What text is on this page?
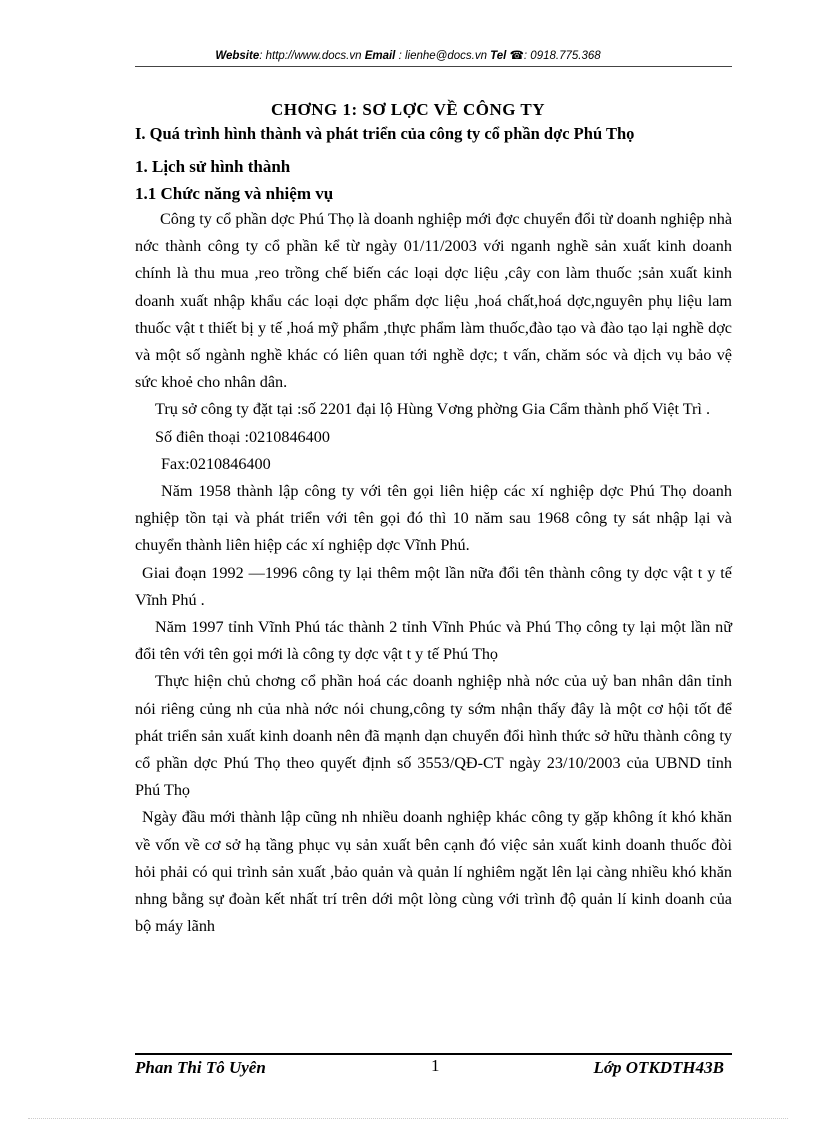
Website: http://www.docs.vn Email : lienhe@docs.vn Tel ☎: 0918.775.368
CHƠNG 1: SƠ LỢC VỀ CÔNG TY
I. Quá trình hình thành và phát triển của công ty cổ phần dợc Phú Thọ
1. Lịch sử hình thành
1.1 Chức năng và nhiệm vụ

Công ty cổ phần dợc Phú Thọ là doanh nghiệp mới đợc chuyển đổi từ doanh nghiệp nhà nớc thành công ty cổ phần kể từ ngày 01/11/2003 với nganh nghề sản xuất kinh doanh chính là thu mua ,reo trồng chế biến các loại dợc liệu ,cây con làm thuốc ;sản xuất kinh doanh xuất nhập khẩu các loại dợc phẩm dợc liệu ,hoá chất,hoá dợc,nguyên phụ liệu lam thuốc vật t thiết bị y tế ,hoá mỹ phẩm ,thực phẩm làm thuốc,đào tạo và đào tạo lại nghề dợc và một số ngành nghề khác có liên quan tới nghề dợc; t vấn, chăm sóc và dịch vụ bảo vệ sức khoẻ cho nhân dân.

Trụ sở công ty đặt tại :số 2201 đại lộ Hùng Vơng phờng Gia Cẩm thành phố Việt Trì .

Số điên thoại :0210846400

Fax:0210846400

Năm 1958 thành lập công ty với tên gọi liên hiệp các xí nghiệp dợc Phú Thọ doanh nghiệp tồn tại và phát triển với tên gọi đó thì 10 năm sau 1968 công ty sát nhập lại và chuyển thành liên hiệp các xí nghiệp dợc Vĩnh Phú.

Giai đoạn 1992 —1996 công ty lại thêm một lần nữa đổi tên thành công ty dợc vật t y tế Vĩnh Phú .

Năm 1997 tỉnh Vĩnh Phú tác thành 2 tỉnh Vĩnh Phúc và Phú Thọ công ty lại một lần nữ đổi tên với tên gọi mới là công ty dợc vật t y tế Phú Thọ

Thực hiện chủ chơng cổ phần hoá các doanh nghiệp nhà nớc của uỷ ban nhân dân tỉnh nói riêng củng nh của nhà nớc nói chung,công ty sớm nhận thấy đây là một cơ hội tốt để phát triển sản xuất kinh doanh nên đã mạnh dạn chuyển đổi hình thức sở hữu thành công ty cổ phần dợc Phú Thọ theo quyết định số 3553/QĐ-CT ngày 23/10/2003 của UBND tỉnh Phú Thọ

Ngày đầu mới thành lập cũng nh nhiều doanh nghiệp khác công ty gặp không ít khó khăn về vốn về cơ sở hạ tầng phục vụ sản xuất bên cạnh đó việc sản xuất kinh doanh thuốc đòi hỏi phải có qui trình sản xuất ,bảo quản và quản lí nghiêm ngặt lên lại càng nhiều khó khăn nhng bằng sự đoàn kết nhất trí trên dới một lòng cùng với trình độ quản lí kinh doanh của bộ máy lãnh

Phan Thi Tô Uyên	1	Lớp OTKDTH43B
